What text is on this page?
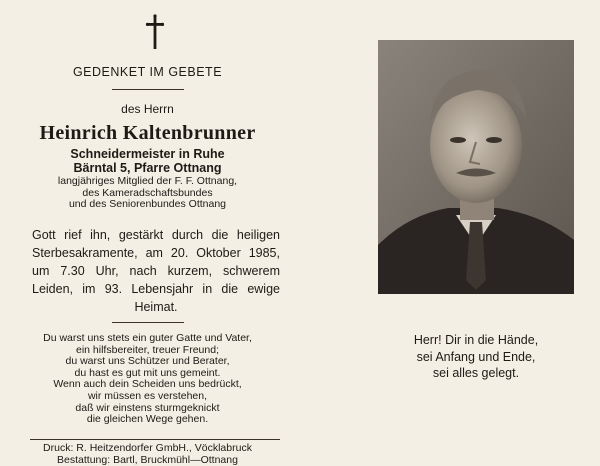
GEDENKET IM GEBETE
des Herrn
Heinrich Kaltenbrunner
Schneidermeister in Ruhe
Bärntal 5, Pfarre Ottnang
langjähriges Mitglied der F. F. Ottnang,
des Kameradschaftsbundes
und des Seniorenbundes Ottnang
Gott rief ihn, gestärkt durch die heiligen
Sterbesakramente, am 20. Oktober 1985,
um 7.30 Uhr, nach kurzem, schwerem
Leiden, im 93. Lebensjahr in die ewige
Heimat.
Du warst uns stets ein guter Gatte und Vater,
ein hilfsbereiter, treuer Freund;
du warst uns Schützer und Berater,
du hast es gut mit uns gemeint.
Wenn auch dein Scheiden uns bedrückt,
wir müssen es verstehen,
daß wir einstens sturmgeknickt
die gleichen Wege gehen.
Druck: R. Heitzendorfer GmbH., Vöcklabruck
Bestattung: Bartl, Bruckmühl—Ottnang
Herr! Dir in die Hände,
sei Anfang und Ende,
sei alles gelegt.
